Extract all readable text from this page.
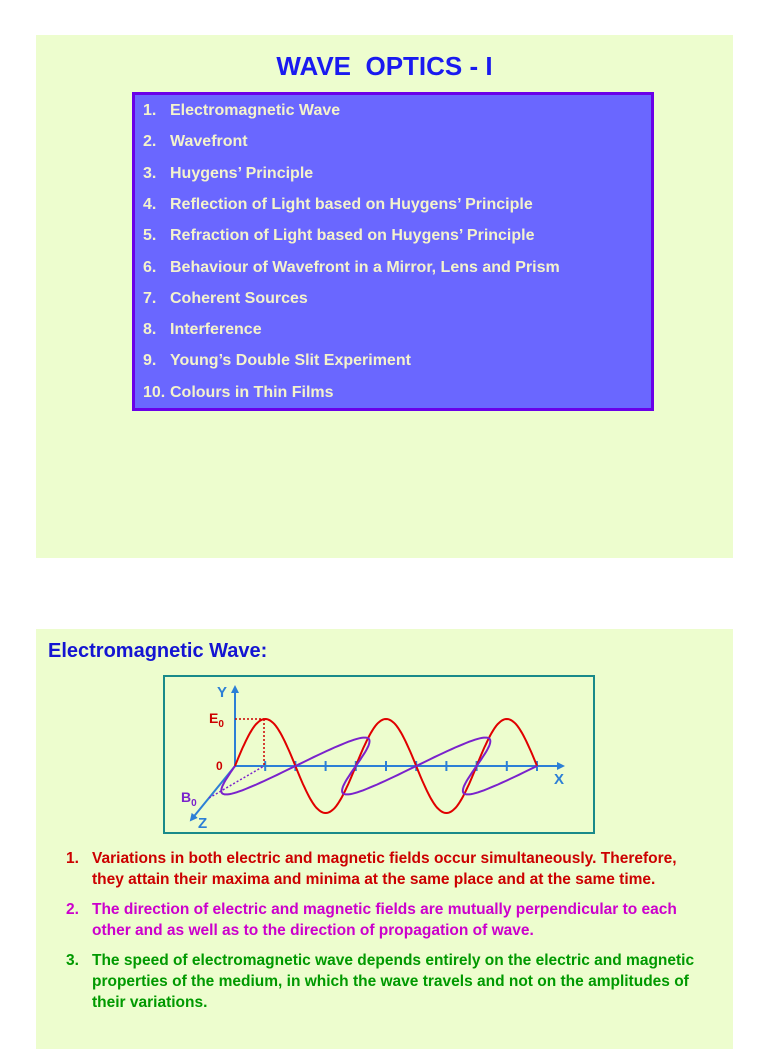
WAVE  OPTICS - I
1. Electromagnetic Wave
2. Wavefront
3. Huygens’ Principle
4. Reflection of Light based on Huygens’ Principle
5. Refraction of Light based on Huygens’ Principle
6. Behaviour of Wavefront in a Mirror, Lens and Prism
7. Coherent Sources
8. Interference
9. Young’s Double Slit Experiment
10. Colours in Thin Films
Electromagnetic Wave:
Y
$E_0$
0
X
$B_0$
Z
1. Variations in both electric and magnetic fields occur simultaneously. Therefore, they attain their maxima and minima at the same place and at the same time.
2. The direction of electric and magnetic fields are mutually perpendicular to each other and as well as to the direction of propagation of wave.
3. The speed of electromagnetic wave depends entirely on the electric and magnetic properties of the medium, in which the wave travels and not on the amplitudes of their variations.
